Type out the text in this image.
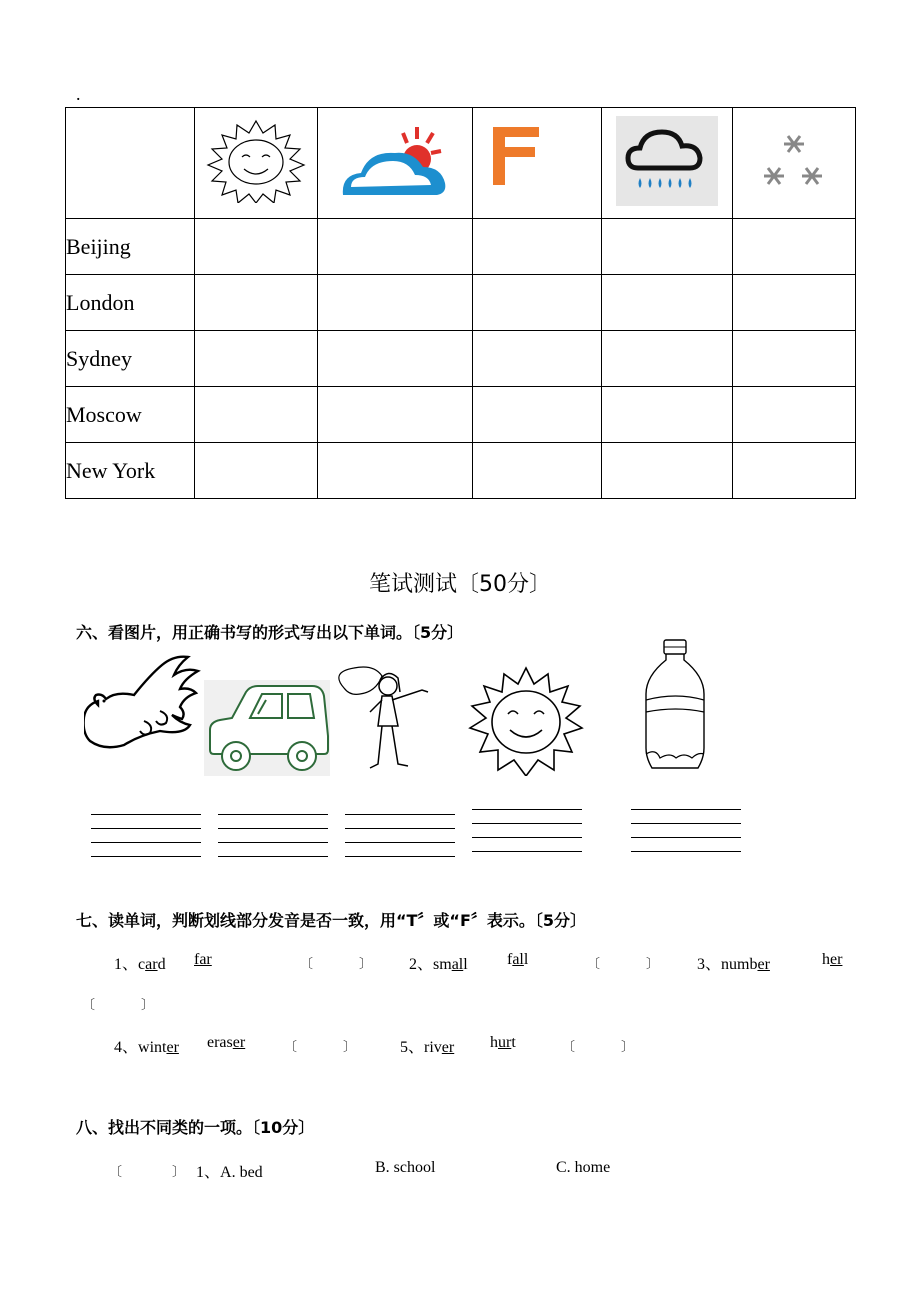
.

Beijing					
London					
Sydney					
Moscow					
New York					
笔试测试〔50分〕
六、看图片，用正确书写的形式写出以下单词。〔5分〕
七、读单词，判断划线部分发音是否一致，用“T〞或“F〞表示。〔5分〕
1、card far	〔	〕 2、small fall	〔	〕 3、number	her
〔	〕
4、winter eraser	〔	〕	5、river hurt	〔	〕
八、找出不同类的一项。〔10分〕
〔	〕 1、A. bed	B. school	C. home
